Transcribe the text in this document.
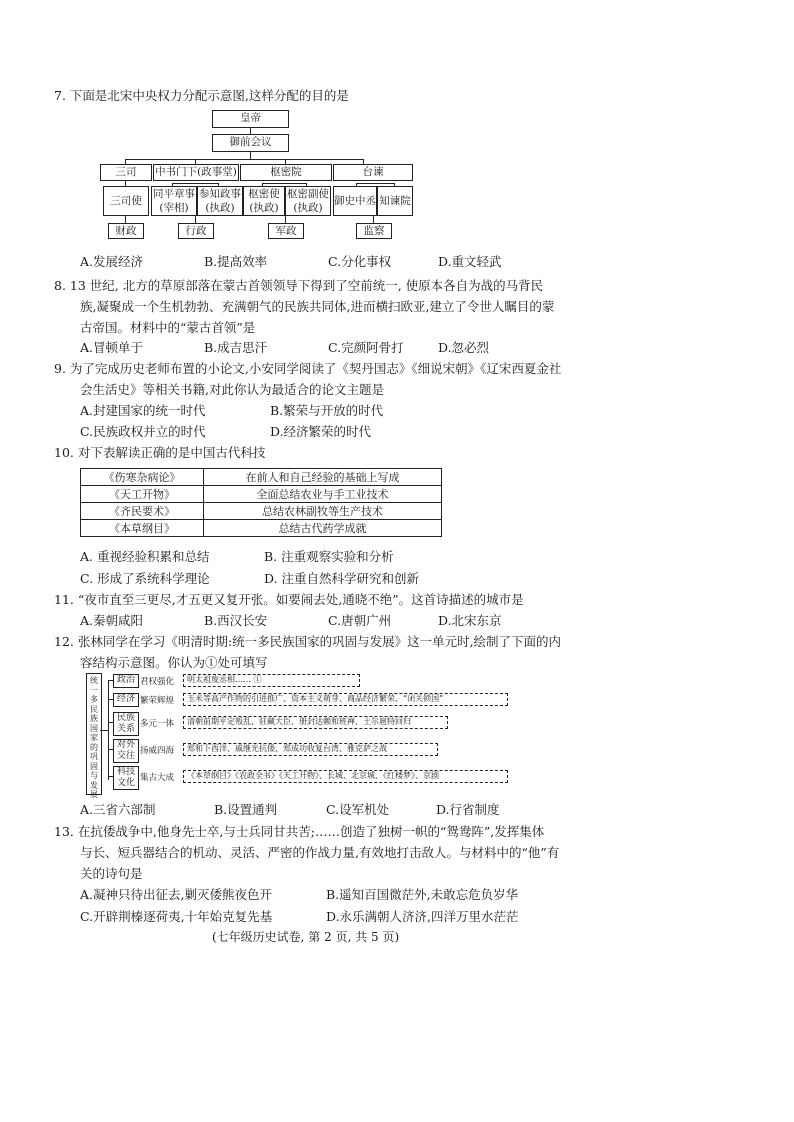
7. 下面是北宋中央权力分配示意图,这样分配的目的是
皇帝
御前会议
三司	中书门下(政事堂)	枢密院	台谏
三司使
同平章事(宰相)
参知政事(执政)
枢密使(执政)
枢密副使(执政)
御史中丞 知谏院
财政	行政	军政	监察
A.发展经济	B.提高效率	C.分化事权	D.重文轻武
8. 13 世纪, 北方的草原部落在蒙古首领领导下得到了空前统一, 使原本各自为战的马背民
族,凝聚成一个生机勃勃、充满朝气的民族共同体,进而横扫欧亚,建立了令世人瞩目的蒙
古帝国。材料中的“蒙古首领”是
A.冒顿单于	B.成吉思汗	C.完颜阿骨打	D.忽必烈
9. 为了完成历史老师布置的小论文,小安同学阅读了《契丹国志》《细说宋朝》《辽宋西夏金社
会生活史》等相关书籍,对此你认为最适合的论文主题是
A.封建国家的统一时代	B.繁荣与开放的时代
C.民族政权并立的时代	D.经济繁荣的时代
10. 对下表解读正确的是中国古代科技
《伤寒杂病论》	在前人和自己经验的基础上写成
《天工开物》	全面总结农业与手工业技术
《齐民要术》	总结农林副牧等生产技术
《本草纲目》	总结古代药学成就
A. 重视经验积累和总结	B. 注重观察实验和分析
C. 形成了系统科学理论	D. 注重自然科学研究和创新
11. “夜市直至三更尽,才五更又复开张。如要闹去处,通晓不绝”。这首诗描述的城市是
A.秦朝咸阳	B.西汉长安	C.唐朝广州	D.北宋东京
12. 张林同学在学习《明清时期:统一多民族国家的巩固与发展》这一单元时,绘制了下面的内
容结构示意图。你认为①处可填写
统一多民族国家的巩固与发展
政治 君权强化	明太祖废丞相…… ①
经济 繁荣辉煌	玉米等高产作物的引进推广、资本主义萌芽、商品经济繁荣、“闭关锁国”
民族关系 多元一体	清朝前期平定叛乱、驻藏大臣、册封达赖和班禅、土尔扈特回归
对外交往 扬威四海	郑和下西洋、戚继光抗倭、郑成功收复台湾、雅克萨之战
科技文化 集古大成	《本草纲目》《农政全书》《天工开物》、长城、北京城、《红楼梦》、京剧
A.三省六部制	B.设置通判	C.设军机处	D.行省制度
13. 在抗倭战争中,他身先士卒,与士兵同甘共苦;……创造了独树一帜的“鸳鸯阵”,发挥集体
与长、短兵器结合的机动、灵活、严密的作战力量,有效地打击敌人。与材料中的“他”有
关的诗句是
A.凝神只待出征去,剿灭倭熊夜色开	B.遥知百国微茫外,未敢忘危负岁华
C.开辟荆榛逐荷夷,十年始克复先基	D.永乐满朝人济济,四洋万里水茫茫
(七年级历史试卷, 第 2 页, 共 5 页)
